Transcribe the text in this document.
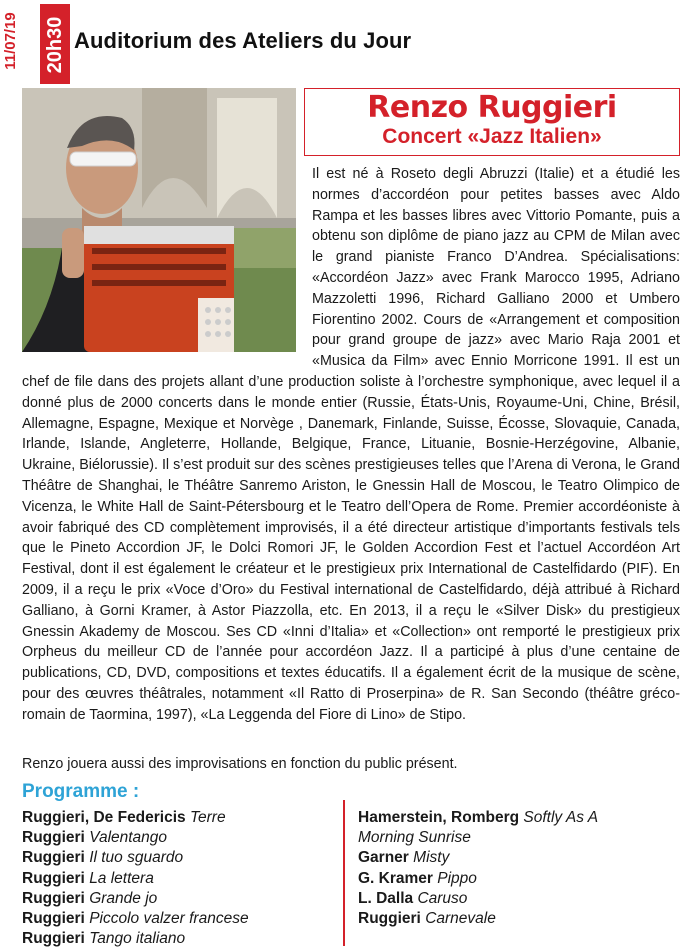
11/07/19 20h30 Auditorium des Ateliers du Jour
Renzo Ruggieri
Concert «Jazz Italien»
Il est né à Roseto degli Abruzzi (Italie) et a étudié les normes d’accordéon pour petites basses avec Aldo Rampa et les basses libres avec Vittorio Pomante, puis a obtenu son diplôme de piano jazz au CPM de Milan avec le grand pianiste Franco D’Andrea. Spécialisations: «Accordéon Jazz» avec Frank Marocco 1995, Adriano Mazzoletti 1996, Richard Galliano 2000 et Umbero Fiorentino 2002. Cours de «Arrangement et composition pour grand groupe de jazz» avec Mario Raja 2001 et «Musica da Film» avec Ennio Morricone 1991. Il est un chef de file dans des projets allant d’une production soliste à l’orchestre symphonique, avec lequel il a donné plus de 2000 concerts dans le monde entier (Russie, États-Unis, Royaume-Uni, Chine, Brésil, Allemagne, Espagne, Mexique et Norvège , Danemark, Finlande, Suisse, Écosse, Slovaquie, Canada, Irlande, Islande, Angleterre, Hollande, Belgique, France, Lituanie, Bosnie-Herzégovine, Albanie, Ukraine, Biélorussie). Il s’est produit sur des scènes prestigieuses telles que l’Arena di Verona, le Grand Théâtre de Shanghai, le Théâtre Sanremo Ariston, le Gnessin Hall de Moscou, le Teatro Olimpico de Vicenza, le White Hall de Saint-Pétersbourg et le Teatro dell’Opera de Rome. Premier accordéoniste à avoir fabriqué des CD complètement improvisés, il a été directeur artistique d’importants festivals tels que le Pineto Accordion JF, le Dolci Romori JF, le Golden Accordion Fest et l’actuel Accordéon Art Festival, dont il est également le créateur et le prestigieux prix International de Castelfidardo (PIF). En 2009, il a reçu le prix «Voce d’Oro» du Festival international de Castelfidardo, déjà attribué à Richard Galliano, à Gorni Kramer, à Astor Piazzolla, etc. En 2013, il a reçu le «Silver Disk» du prestigieux Gnessin Akademy de Moscou. Ses CD «Inni d’Italia» et «Collection» ont remporté le prestigieux prix Orpheus du meilleur CD de l’année pour accordéon Jazz. Il a participé à plus d’une centaine de publications, CD, DVD, compositions et textes éducatifs. Il a également écrit de la musique de scène, pour des œuvres théâtrales, notamment «Il Ratto di Proserpina» de R. San Secondo (théâtre gréco-romain de Taormina, 1997), «La Leggenda del Fiore di Lino» de Stipo.

Renzo jouera aussi des improvisations en fonction du public présent.

Programme :

Ruggieri, De Federicis Terre
Ruggieri Valentango
Ruggieri Il tuo sguardo
Ruggieri La lettera
Ruggieri Grande jo
Ruggieri Piccolo valzer francese
Ruggieri Tango italiano
Hamerstein, Romberg Softly As A
Morning Sunrise
Garner Misty
G. Kramer Pippo
L. Dalla Caruso
Ruggieri Carnevale
